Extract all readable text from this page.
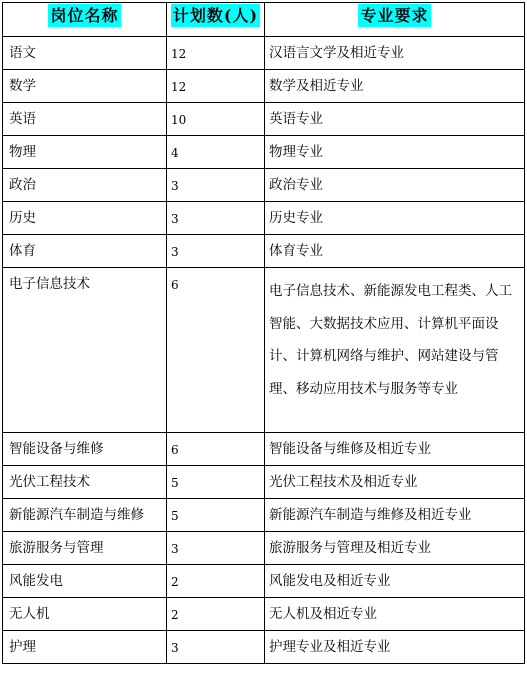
岗位名称	计划数(人)	专业要求

语文	12	汉语言文学及相近专业

数学	12	数学及相近专业

英语	10	英语专业

物理	4	物理专业

政治	3	政治专业

历史	3	历史专业

体育	3	体育专业

电子信息技术	6	电子信息技术、新能源发电工程类、人工智能、大数据技术应用、计算机平面设计、计算机网络与维护、网站建设与管理、移动应用技术与服务等专业

智能设备与维修	6	智能设备与维修及相近专业

光伏工程技术	5	光伏工程技术及相近专业

新能源汽车制造与维修	5	新能源汽车制造与维修及相近专业

旅游服务与管理	3	旅游服务与管理及相近专业

风能发电	2	风能发电及相近专业

无人机	2	无人机及相近专业

护理	3	护理专业及相近专业
